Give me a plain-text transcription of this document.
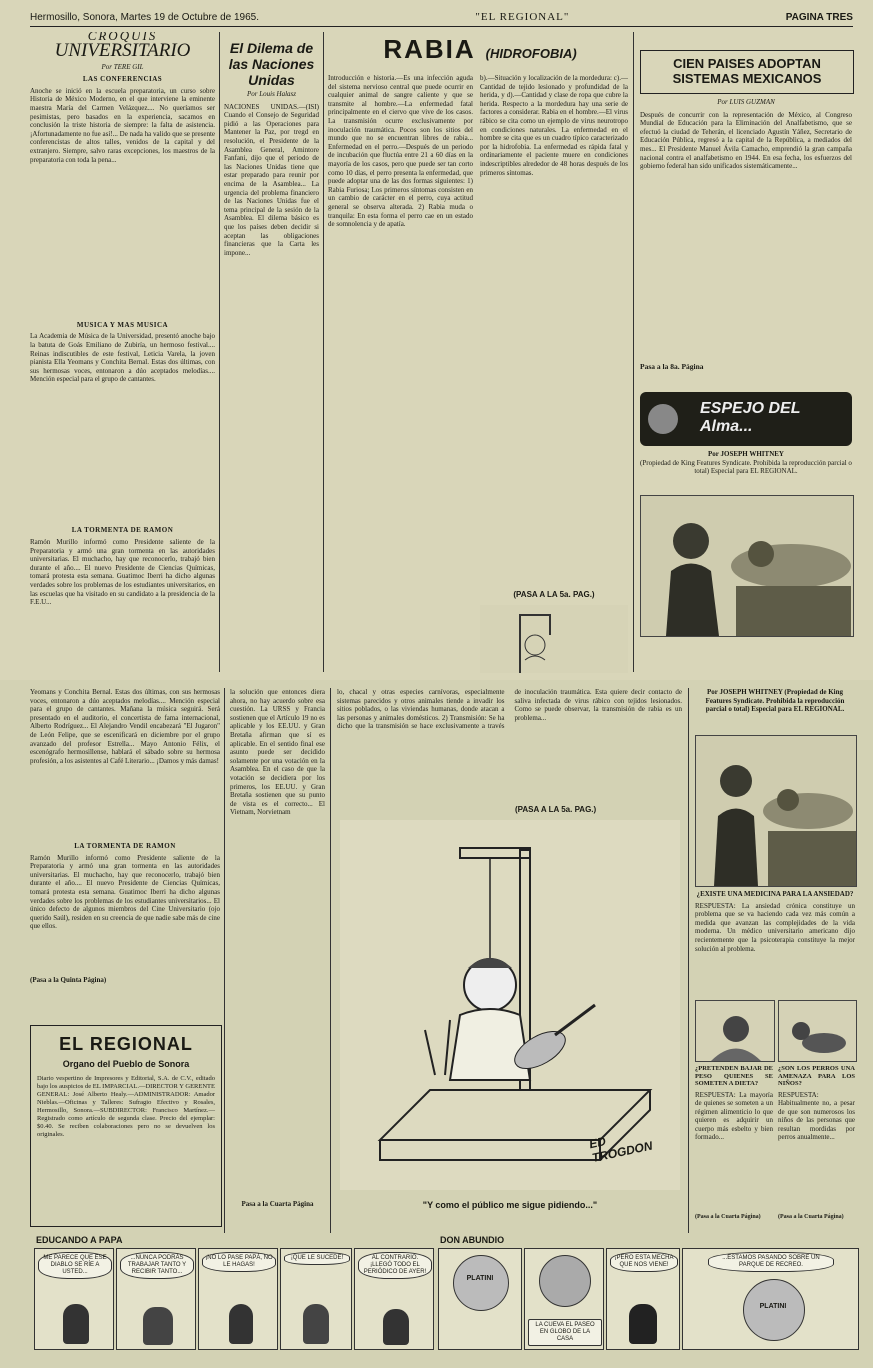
Hermosillo, Sonora, Martes 19 de Octubre de 1965.	"EL REGIONAL"	PAGINA TRES
CROQUIS
UNIVERSITARIO
Por TERE GIL
LAS CONFERENCIAS

Anoche se inició en la escuela preparatoria, un curso sobre Historia de México Moderno, en el que interviene la eminente maestra María del Carmen Velázquez.... No queríamos ser pesimistas, pero basados en la experiencia, sacamos en conclusión la triste historia de siempre: la falta de asistencia. ¡Afortunadamente no fue así!... De nada ha valido que se presente conferencistas de altos talles, venidos de la capital y del extranjero. Siempre, salvo raras excepciones, los maestros de la preparatoria con toda la pena...

MUSICA Y MAS MUSICA

La Academia de Música de la Universidad, presentó anoche bajo la batuta de Goás Emiliano de Zubiría, un hermoso festival.... Reinas indiscutibles de este festival, Leticia Varela, la joven pianista Ella Yeomans y Conchita Bernal. Estas dos últimas, con sus hermosas voces, entonaron a dúo aceptados melodías.... Mención especial para el grupo de cantantes.

LA TORMENTA DE RAMON

Ramón Murillo informó como Presidente saliente de la Preparatoria y armó una gran tormenta en las autoridades universitarias. El muchacho, hay que reconocerlo, trabajó bien durante el año.... El nuevo Presidente de Ciencias Químicas, tomará protesta esta semana. Guatimoc Iberri ha dicho algunas verdades sobre los problemas de los estudiantes universitarios, en las escuelas que ha visitado en su candidato a la presidencia de la F.E.U...

El Dilema de las Naciones Unidas
Por Louis Halasz

NACIONES UNIDAS.—(ISI) Cuando el Consejo de Seguridad pidió a las Operaciones para Mantener la Paz, por tregd en resolución, el Presidente de la Asamblea General, Amintore Fanfani, dijo que el periodo de las Naciones Unidas tiene que estar preparado para reunir por encima de la Asamblea... La urgencia del problema financiero de las Naciones Unidas fue el tema principal de la sesión de la Asamblea. El dilema básico es que los países deben decidir si aceptan las obligaciones financieras que la Carta les impone...

RABIA (HIDROFOBIA)

Introducción e historia.—Es una infección aguda del sistema nervioso central que puede ocurrir en cualquier animal de sangre caliente y que se transmite al hombre.—La enfermedad fatal principalmente en el ciervo que vive de los casos. La transmisión ocurre exclusivamente por inoculación traumática. Pocos son los sitios del mundo que no se encuentran libres de rabia... Enfermedad en el perro.—Después de un periodo de incubación que fluctúa entre 21 a 60 días en la mayoría de los casos, pero que puede ser tan corto como 10 días, el perro presenta la enfermedad, que puede adoptar una de las dos formas siguientes: 1) Rabia Furiosa; Los primeros síntomas consisten en un cambio de carácter en el perro, cuya actitud general se observa alterada. 2) Rabia muda o tranquila: En esta forma el perro cae en un estado de somnolencia y de apatía.

b).—Situación y localización de la mordedura: c).—Cantidad de tejido lesionado y profundidad de la herida, y d).—Cantidad y clase de ropa que cubre la herida. Respecto a la mordedura hay una serie de factores a considerar. Rabia en el hombre.—El virus rábico se cita como un ejemplo de virus neurotropo en condiciones naturales. La enfermedad en el hombre se cita que es un cuadro típico caracterizado por la hidrofobia. La enfermedad es rápida fatal y ordinariamente el paciente muere en condiciones indescriptibles alrededor de 48 horas después de los primeros síntomas.

(PASA A LA 5a. PAG.)
CIEN PAISES ADOPTAN SISTEMAS MEXICANOS
Por LUIS GUZMAN

Después de concurrir con la representación de México, al Congreso Mundial de Educación para la Eliminación del Analfabetismo, que se efectuó la ciudad de Teherán, el licenciado Agustín Yáñez, Secretario de Educación Pública, regresó a la capital de la República, a mediados del mes... El Presidente Manuel Ávila Camacho, emprendió la gran campaña nacional contra el analfabetismo en 1944. En esa fecha, los esfuerzos del gobierno federal han sido unificados sistemáticamente...

Pasa a la 8a. Página
ESPEJO DEL Alma...
Por JOSEPH WHITNEY
(Propiedad de King Features Syndicate. Prohibida la reproducción parcial o total) Especial para EL REGIONAL.

Yeomans y Conchita Bernal. Estas dos últimas, con sus hermosas voces, entonaron a dúo aceptados melodías.... Mención especial para el grupo de cantantes. Mañana la música seguirá. Será presentado en el auditorio, el concertista de fama internacional, Alberto Rodríguez... El Alejandro Vendil encabezará "El Jugaron" de León Felipe, que se escenificará en diciembre por el grupo avanzado del profesor Estrella... Mayo Antonio Félix, el escenógrafo hermosillense, hablará el sábado sobre su hermosa profesión, a los asistentes al Café Literario... ¡Damos y más damas!

LA TORMENTA DE RAMON

Ramón Murillo informó como Presidente saliente de la Preparatoria y armó una gran tormenta en las autoridades universitarias. El muchacho, hay que reconocerlo, trabajó bien durante el año.... El nuevo Presidente de Ciencias Químicas, tomará protesta esta semana. Guatimoc Iberri ha dicho algunas verdades sobre los problemas de los estudiantes universitarios... El único defecto de algunos miembros del Cine Universitario (ojo querido Saúl), residen en su creencia de que nadie sabe más de cine que ellos.

(Pasa a la Quinta Página)
EL REGIONAL
Organo del Pueblo de Sonora
Diario vespertino de Impresores y Editorial, S.A. de C.V., editado bajo los auspicios de EL IMPARCIAL.—DIRECTOR Y GERENTE GENERAL: José Alberto Healy.—ADMINISTRADOR: Amador Nieblas.—Oficinas y Talleres: Sufragio Efectivo y Rosales, Hermosillo, Sonora.—SUBDIRECTOR: Francisco Martínez.—Registrado como artículo de segunda clase. Precio del ejemplar: $0.40. Se reciben colaboraciones pero no se devuelven los originales.

la solución que entonces diera ahora, no hay acuerdo sobre esa cuestión. La URSS y Francia sostienen que el Artículo 19 no es aplicable y los EE.UU. y Gran Bretaña afirman que sí es aplicable. En el sentido final ese asunto puede ser decidido solamente por una votación en la Asamblea. En el caso de que la votación se decidiera por los primeros, los EE.UU. y Gran Bretaña sostienen que su punto de vista es el correcto... El Vietnam, Norvietnam

Pasa a la Cuarta Página

lo, chacal y otras especies carnívoras, especialmente sistemas parecidos y otros animales tiende a invadir los sitios poblados, o las viviendas humanas, donde atacan a las personas y animales domésticos. 2) Transmisión: Se ha dicho que la transmisión se hace exclusivamente a través de inoculación traumática. Esta quiere decir contacto de saliva infectada de virus rábico con tejidos lesionados. Como se puede observar, la transmisión de rabia es un problema...

(PASA A LA 5a. PAG.)
ED TROGDON
"Y como el público me sigue pidiendo..."
Por JOSEPH WHITNEY (Propiedad de King Features Syndicate. Prohibida la reproducción parcial o total) Especial para EL REGIONAL.
¿EXISTE UNA MEDICINA PARA LA ANSIEDAD?

RESPUESTA: La ansiedad crónica constituye un problema que se va haciendo cada vez más común a medida que avanzan las complejidades de la vida moderna. Un médico universitario americano dijo recientemente que la psicoterapia constituye la mejor solución al problema.

¿PRETENDEN BAJAR DE PESO QUIENES SE SOMETEN A DIETA?

RESPUESTA: La mayoría de quienes se someten a un régimen alimenticio lo que quieren es adquirir un cuerpo más esbelto y bien formado...

(Pasa a la Cuarta Página)
¿SON LOS PERROS UNA AMENAZA PARA LOS NIÑOS?

RESPUESTA: Habitualmente no, a pesar de que son numerosos los niños de las personas que resultan mordidas por perros anualmente...

(Pasa a la Cuarta Página)
EDUCANDO A PAPA	DON ABUNDIO
ME PARECE QUE ESE DIABLO SE RÍE A USTED...
...NUNCA PODRÁS TRABAJAR TANTO Y RECIBIR TANTO...
¡NO LO PASE PAPÁ, NO LE HAGAS!
¡QUE LE SUCEDE!	AL CONTRARIO. ¡LLEGÓ TODO EL PERIÓDICO DE AYER!
PLATINI
LA CUEVA EL PASEO EN GLOBO DE LA CASA
¡PERO ESTA MECHA QUE NOS VIENE!
...ESTAMOS PASANDO SOBRE UN PARQUE DE RECREO.
PLATINI
